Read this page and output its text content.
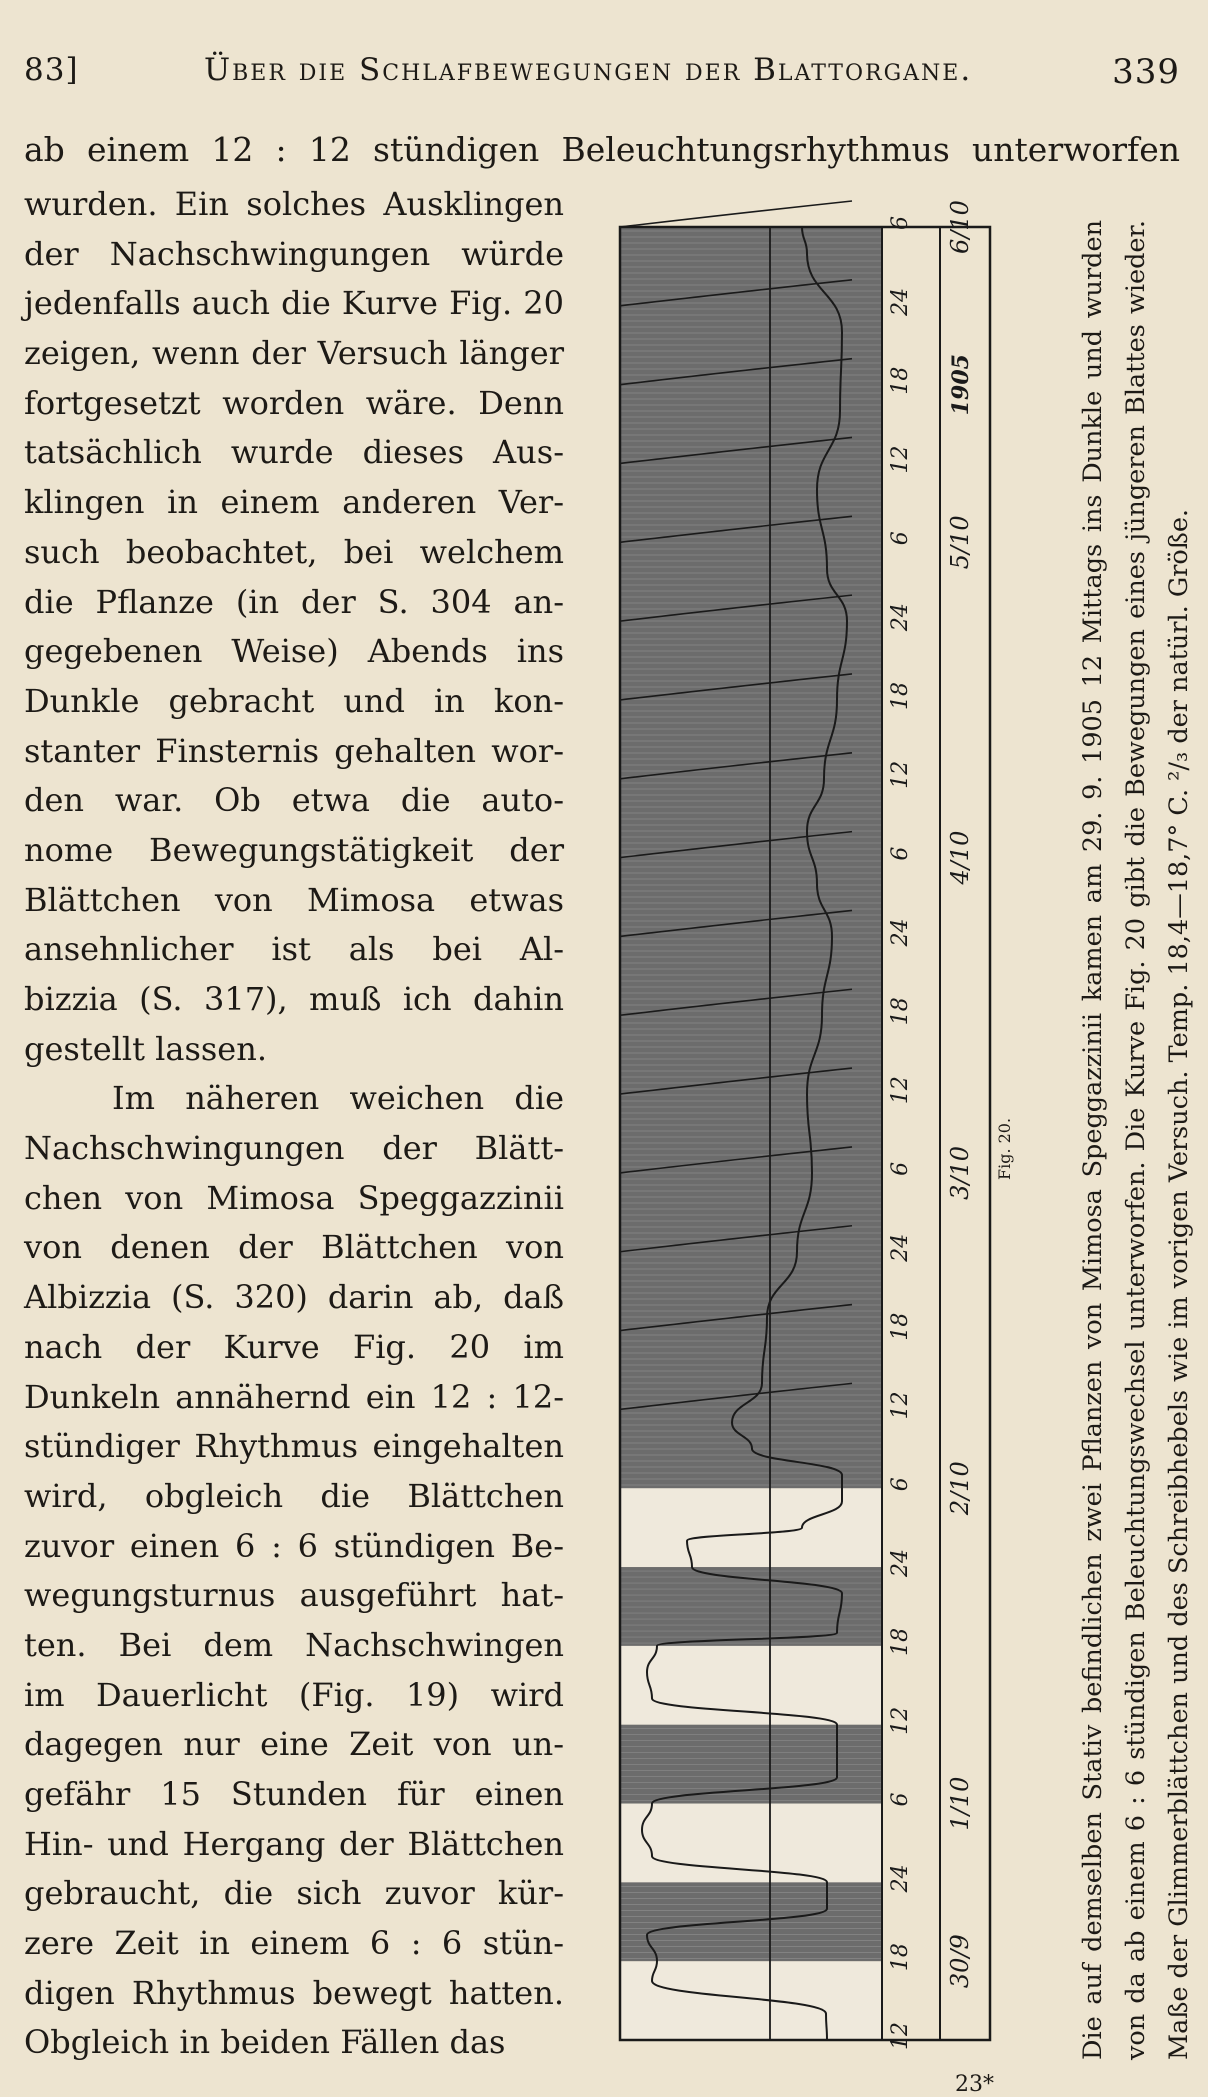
83]	Über die Schlafbewegungen der Blattorgane.	339
ab einem 12 : 12 stündigen Beleuchtungsrhythmus unterworfen
wurden. Ein solches Ausklingen
der Nachschwingungen würde
jedenfalls auch die Kurve Fig. 20
zeigen, wenn der Versuch länger
fortgesetzt worden wäre. Denn
tatsächlich wurde dieses Aus-
klingen in einem anderen Ver-
such beobachtet, bei welchem
die Pflanze (in der S. 304 an-
gegebenen Weise) Abends ins
Dunkle gebracht und in kon-
stanter Finsternis gehalten wor-
den war. Ob etwa die auto-
nome Bewegungstätigkeit der
Blättchen von Mimosa etwas
ansehnlicher ist als bei Al-
bizzia (S. 317), muß ich dahin
gestellt lassen.
Im näheren weichen die
Nachschwingungen der Blätt-
chen von Mimosa Speggazzinii
von denen der Blättchen von
Albizzia (S. 320) darin ab, daß
nach der Kurve Fig. 20 im
Dunkeln annähernd ein 12 : 12-
stündiger Rhythmus eingehalten
wird, obgleich die Blättchen
zuvor einen 6 : 6 stündigen Be-
wegungsturnus ausgeführt hat-
ten. Bei dem Nachschwingen
im Dauerlicht (Fig. 19) wird
dagegen nur eine Zeit von un-
gefähr 15 Stunden für einen
Hin- und Hergang der Blättchen
gebraucht, die sich zuvor kür-
zere Zeit in einem 6 : 6 stün-
digen Rhythmus bewegt hatten.
Obgleich in beiden Fällen das	12
18
24
6
12
18
24
6
12
18
24
6
12
18
24
6
12
18
24
6
12
18
24
6
30/9
1/10
2/10
3/10
4/10
5/10
6/10
1905
Fig. 20.	Die auf demselben Stativ befindlichen zwei Pflanzen von Mimosa Speggazzinii kamen am 29. 9. 1905 12 Mittags ins Dunkle und wurden von da ab einem 6 : 6 stündigen Beleuchtungswechsel unterworfen. Die Kurve Fig. 20 gibt die Bewegungen eines jüngeren Blattes wieder. Maße der Glimmerblättchen und des Schreibhebels wie im vorigen Versuch. Temp. 18,4—18,7° C. ²/₃ der natürl. Größe.
23*
